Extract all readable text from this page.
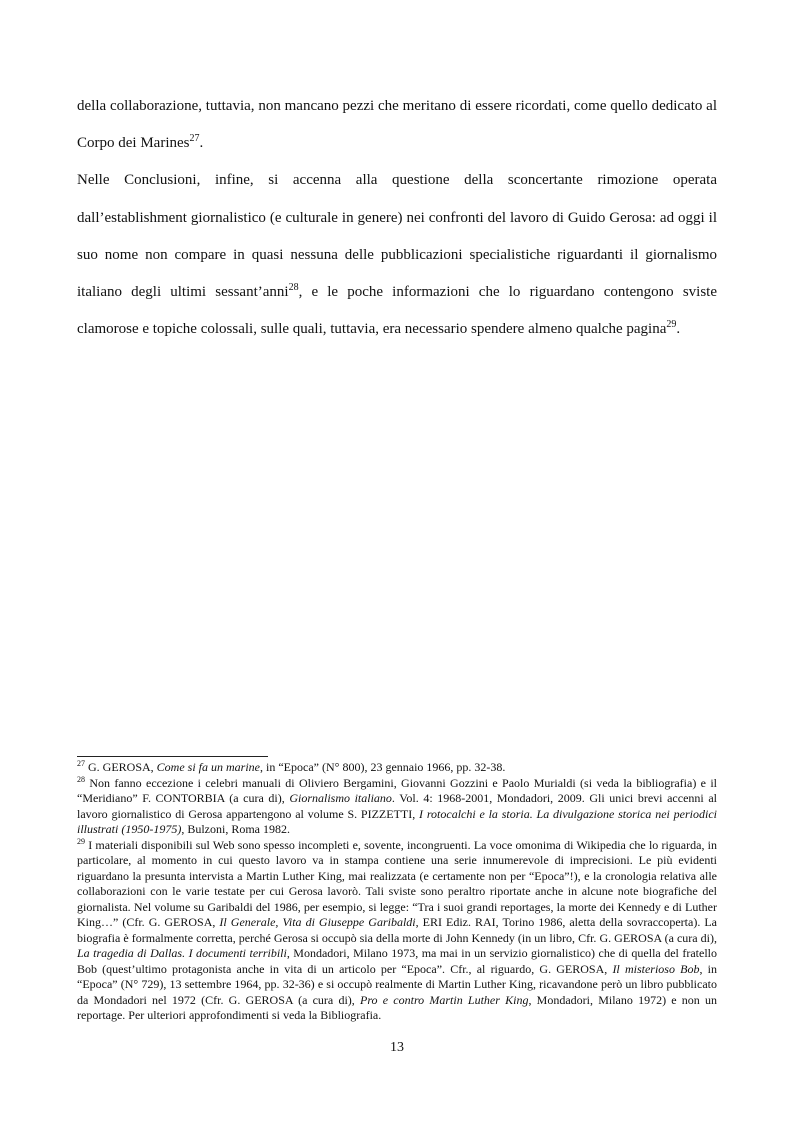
della collaborazione, tuttavia, non mancano pezzi che meritano di essere ricordati, come quello dedicato al Corpo dei Marines$^{27}$.

Nelle Conclusioni, infine, si accenna alla questione della sconcertante rimozione operata dall’establishment giornalistico (e culturale in genere) nei confronti del lavoro di Guido Gerosa: ad oggi il suo nome non compare in quasi nessuna delle pubblicazioni specialistiche riguardanti il giornalismo italiano degli ultimi sessant’anni$^{28}$, e le poche informazioni che lo riguardano contengono sviste clamorose e topiche colossali, sulle quali, tuttavia, era necessario spendere almeno qualche pagina$^{29}$.

$^{27}$ G. GEROSA, Come si fa un marine, in “Epoca” (N° 800), 23 gennaio 1966, pp. 32-38.

$^{28}$ Non fanno eccezione i celebri manuali di Oliviero Bergamini, Giovanni Gozzini e Paolo Murialdi (si veda la bibliografia) e il “Meridiano” F. CONTORBIA (a cura di), Giornalismo italiano. Vol. 4: 1968-2001, Mondadori, 2009. Gli unici brevi accenni al lavoro giornalistico di Gerosa appartengono al volume S. PIZZETTI, I rotocalchi e la storia. La divulgazione storica nei periodici illustrati (1950-1975), Bulzoni, Roma 1982.

$^{29}$ I materiali disponibili sul Web sono spesso incompleti e, sovente, incongruenti. La voce omonima di Wikipedia che lo riguarda, in particolare, al momento in cui questo lavoro va in stampa contiene una serie innumerevole di imprecisioni. Le più evidenti riguardano la presunta intervista a Martin Luther King, mai realizzata (e certamente non per “Epoca”!), e la cronologia relativa alle collaborazioni con le varie testate per cui Gerosa lavorò. Tali sviste sono peraltro riportate anche in alcune note biografiche del giornalista. Nel volume su Garibaldi del 1986, per esempio, si legge: “Tra i suoi grandi reportages, la morte dei Kennedy e di Luther King…” (Cfr. G. GEROSA, Il Generale, Vita di Giuseppe Garibaldi, ERI Ediz. RAI, Torino 1986, aletta della sovraccoperta). La biografia è formalmente corretta, perché Gerosa si occupò sia della morte di John Kennedy (in un libro, Cfr. G. GEROSA (a cura di), La tragedia di Dallas. I documenti terribili, Mondadori, Milano 1973, ma mai in un servizio giornalistico) che di quella del fratello Bob (quest’ultimo protagonista anche in vita di un articolo per “Epoca”. Cfr., al riguardo, G. GEROSA, Il misterioso Bob, in “Epoca” (N° 729), 13 settembre 1964, pp. 32-36) e si occupò realmente di Martin Luther King, ricavandone però un libro pubblicato da Mondadori nel 1972 (Cfr. G. GEROSA (a cura di), Pro e contro Martin Luther King, Mondadori, Milano 1972) e non un reportage. Per ulteriori approfondimenti si veda la Bibliografia.

13
